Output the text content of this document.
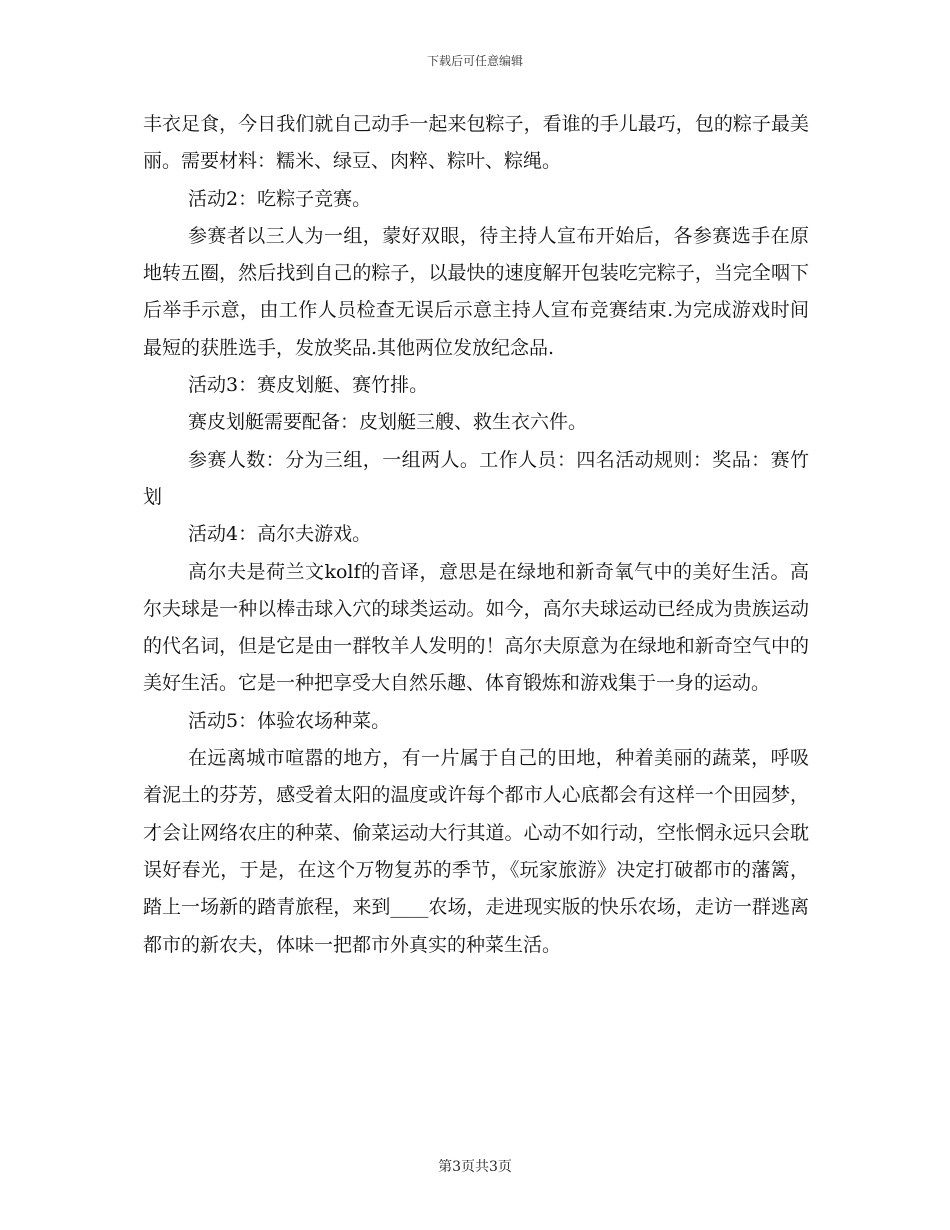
下载后可任意编辑

丰衣足食，今日我们就自己动手一起来包粽子，看谁的手儿最巧，包的粽子最美丽。需要材料：糯米、绿豆、肉粹、粽叶、粽绳。

活动2：吃粽子竞赛。

参赛者以三人为一组，蒙好双眼，待主持人宣布开始后，各参赛选手在原地转五圈，然后找到自己的粽子，以最快的速度解开包装吃完粽子，当完全咽下后举手示意，由工作人员检查无误后示意主持人宣布竞赛结束.为完成游戏时间最短的获胜选手，发放奖品.其他两位发放纪念品.

活动3：赛皮划艇、赛竹排。

赛皮划艇需要配备：皮划艇三艘、救生衣六件。

参赛人数：分为三组，一组两人。工作人员：四名活动规则：奖品：赛竹划

活动4：高尔夫游戏。

高尔夫是荷兰文kolf的音译，意思是在绿地和新奇氧气中的美好生活。高尔夫球是一种以棒击球入穴的球类运动。如今，高尔夫球运动已经成为贵族运动的代名词，但是它是由一群牧羊人发明的！高尔夫原意为在绿地和新奇空气中的美好生活。它是一种把享受大自然乐趣、体育锻炼和游戏集于一身的运动。

活动5：体验农场种菜。

在远离城市喧嚣的地方，有一片属于自己的田地，种着美丽的蔬菜，呼吸着泥土的芬芳，感受着太阳的温度或许每个都市人心底都会有这样一个田园梦，才会让网络农庄的种菜、偷菜运动大行其道。心动不如行动，空怅惘永远只会耽误好春光，于是，在这个万物复苏的季节，《玩家旅游》决定打破都市的藩篱，踏上一场新的踏青旅程，来到____农场，走进现实版的快乐农场，走访一群逃离都市的新农夫，体味一把都市外真实的种菜生活。

第3页共3页
